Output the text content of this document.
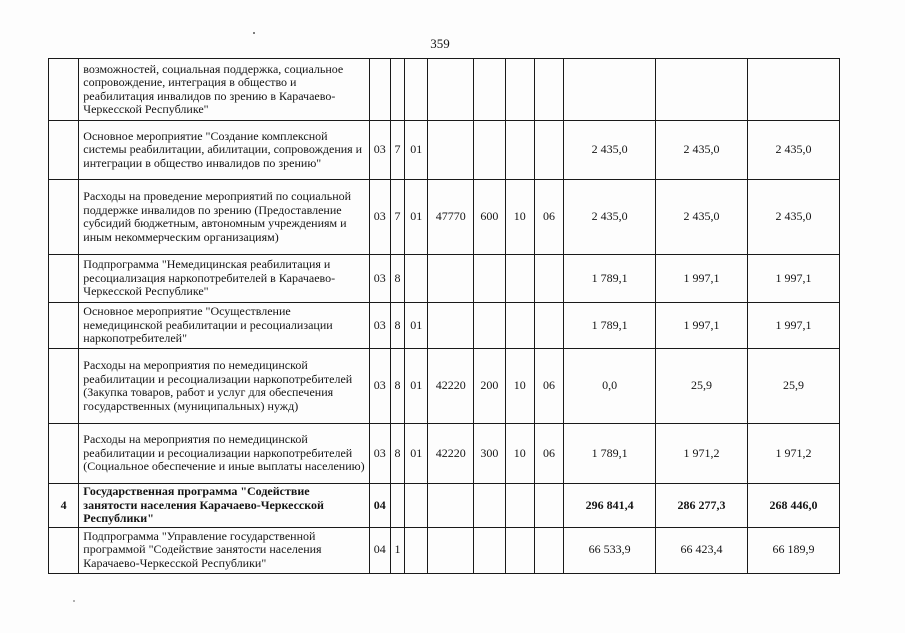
359
	возможностей, социальная поддержка, социальное сопровождение, интеграция в общество и реабилитация инвалидов по зрению в Карачаево-Черкесской Республике"										
	Основное мероприятие "Создание комплексной системы реабилитации, абилитации, сопровождения и интеграции в общество инвалидов по зрению"	03	7	01					2 435,0	2 435,0	2 435,0
	Расходы на проведение мероприятий по социальной поддержке инвалидов по зрению (Предоставление субсидий бюджетным, автономным учреждениям и иным некоммерческим организациям)	03	7	01	47770	600	10	06	2 435,0	2 435,0	2 435,0
	Подпрограмма "Немедицинская реабилитация и ресоциализация наркопотребителей в Карачаево-Черкесской Республике"	03	8						1 789,1	1 997,1	1 997,1
	Основное мероприятие "Осуществление немедицинской реабилитации и ресоциализации наркопотребителей"	03	8	01					1 789,1	1 997,1	1 997,1
	Расходы на мероприятия по немедицинской реабилитации и ресоциализации наркопотребителей (Закупка товаров, работ и услуг для обеспечения государственных (муниципальных) нужд)	03	8	01	42220	200	10	06	0,0	25,9	25,9
	Расходы на мероприятия по немедицинской реабилитации и ресоциализации наркопотребителей (Социальное обеспечение и иные выплаты населению)	03	8	01	42220	300	10	06	1 789,1	1 971,2	1 971,2
4	Государственная программа "Содействие занятости населения Карачаево-Черкесской Республики"	04							296 841,4	286 277,3	268 446,0
	Подпрограмма "Управление государственной программой "Содействие занятости населения Карачаево-Черкесской Республики"	04	1						66 533,9	66 423,4	66 189,9
